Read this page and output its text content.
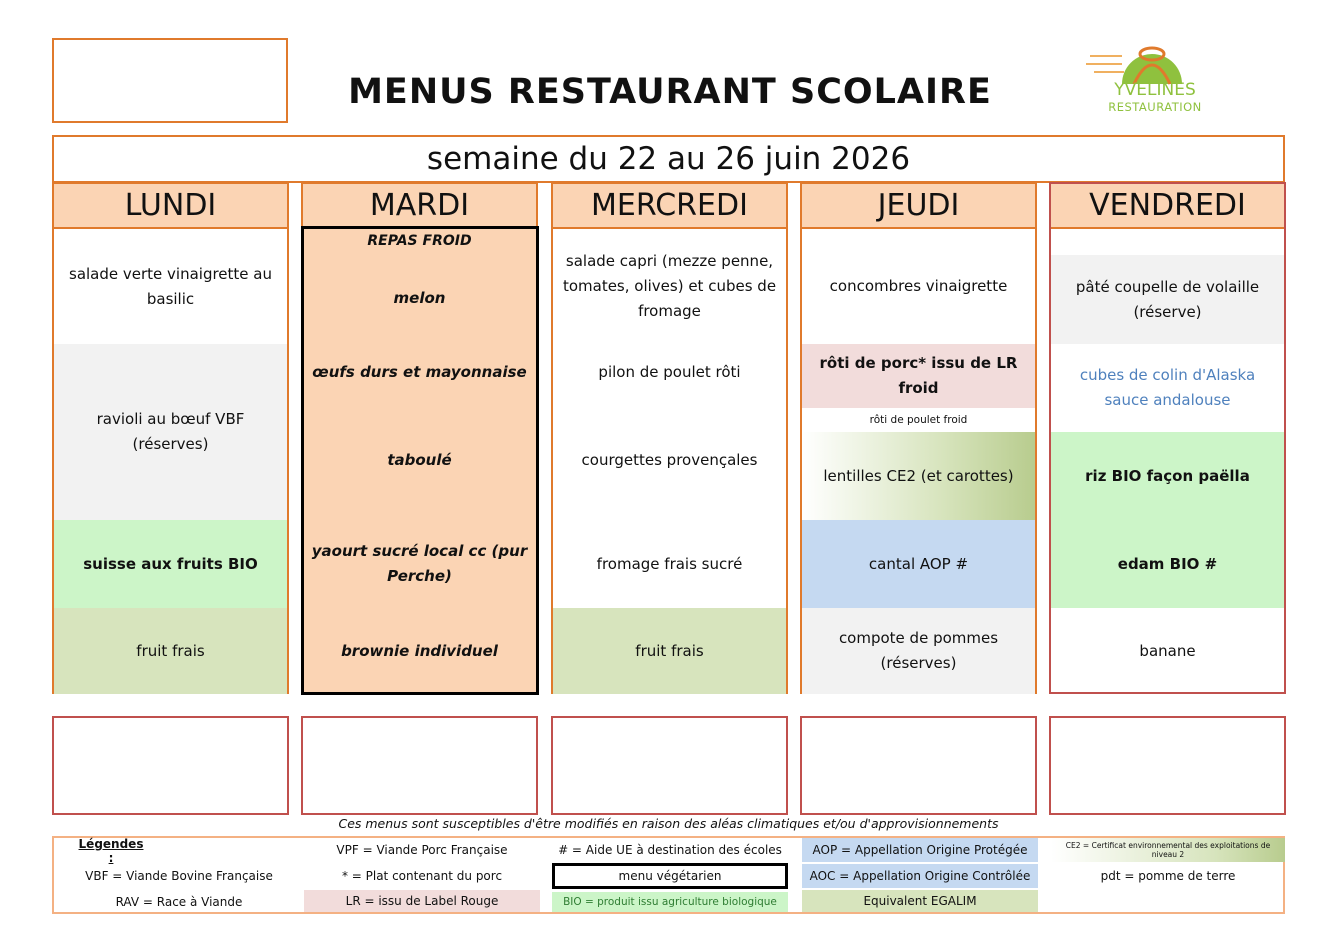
MENUS RESTAURANT SCOLAIRE	YVELINES
RESTAURATION
semaine du 22 au 26 juin 2026
LUNDI
salade verte vinaigrette au basilic
ravioli au bœuf VBF (réserves)
suisse aux fruits BIO
fruit frais
MARDI
REPAS FROID
melon
œufs durs et mayonnaise
taboulé
yaourt sucré local cc (pur Perche)
brownie individuel
MERCREDI
salade capri (mezze penne, tomates, olives) et cubes de fromage
pilon de poulet rôti
courgettes provençales
fromage frais sucré
fruit frais
JEUDI
concombres vinaigrette
rôti de porc* issu de LR froid
rôti de poulet froid
lentilles CE2 (et carottes)
cantal AOP #
compote de pommes (réserves)
VENDREDI
pâté coupelle de volaille (réserve)
cubes de colin d'Alaska sauce andalouse
riz BIO façon paëlla
edam BIO #
banane
Ces menus sont susceptibles d'être modifiés en raison des aléas climatiques et/ou d'approvisionnements
Légendes :
VBF = Viande Bovine Française
RAV = Race à Viande
VPF = Viande Porc Française
* = Plat contenant du porc
LR = issu de Label Rouge
# = Aide UE à destination des écoles
menu végétarien
BIO = produit issu agriculture biologique
AOP = Appellation Origine Protégée
AOC = Appellation Origine Contrôlée
Equivalent EGALIM
CE2 = Certificat environnemental des exploitations de niveau 2
pdt = pomme de terre
